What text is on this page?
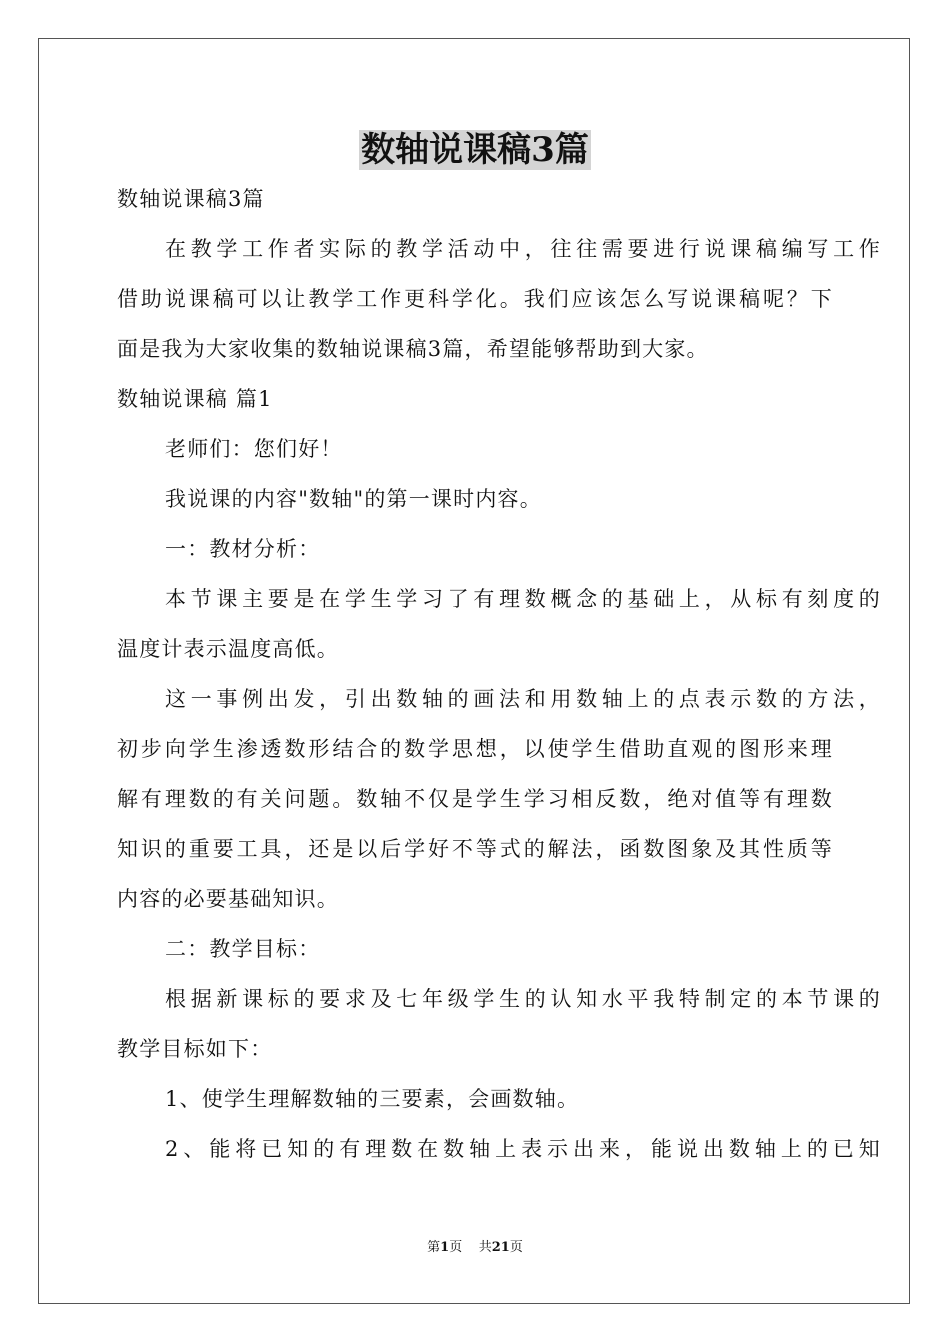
数轴说课稿3篇
数轴说课稿3篇
在教学工作者实际的教学活动中，往往需要进行说课稿编写工作
借助说课稿可以让教学工作更科学化。我们应该怎么写说课稿呢？下
面是我为大家收集的数轴说课稿3篇，希望能够帮助到大家。
数轴说课稿 篇1
老师们：您们好！
我说课的内容"数轴"的第一课时内容。
一：教材分析：
本节课主要是在学生学习了有理数概念的基础上，从标有刻度的
温度计表示温度高低。
这一事例出发，引出数轴的画法和用数轴上的点表示数的方法，
初步向学生渗透数形结合的数学思想，以使学生借助直观的图形来理
解有理数的有关问题。数轴不仅是学生学习相反数，绝对值等有理数
知识的重要工具，还是以后学好不等式的解法，函数图象及其性质等
内容的必要基础知识。
二：教学目标：
根据新课标的要求及七年级学生的认知水平我特制定的本节课的
教学目标如下：
1、使学生理解数轴的三要素，会画数轴。
2、能将已知的有理数在数轴上表示出来，能说出数轴上的已知
第1页 共21页
